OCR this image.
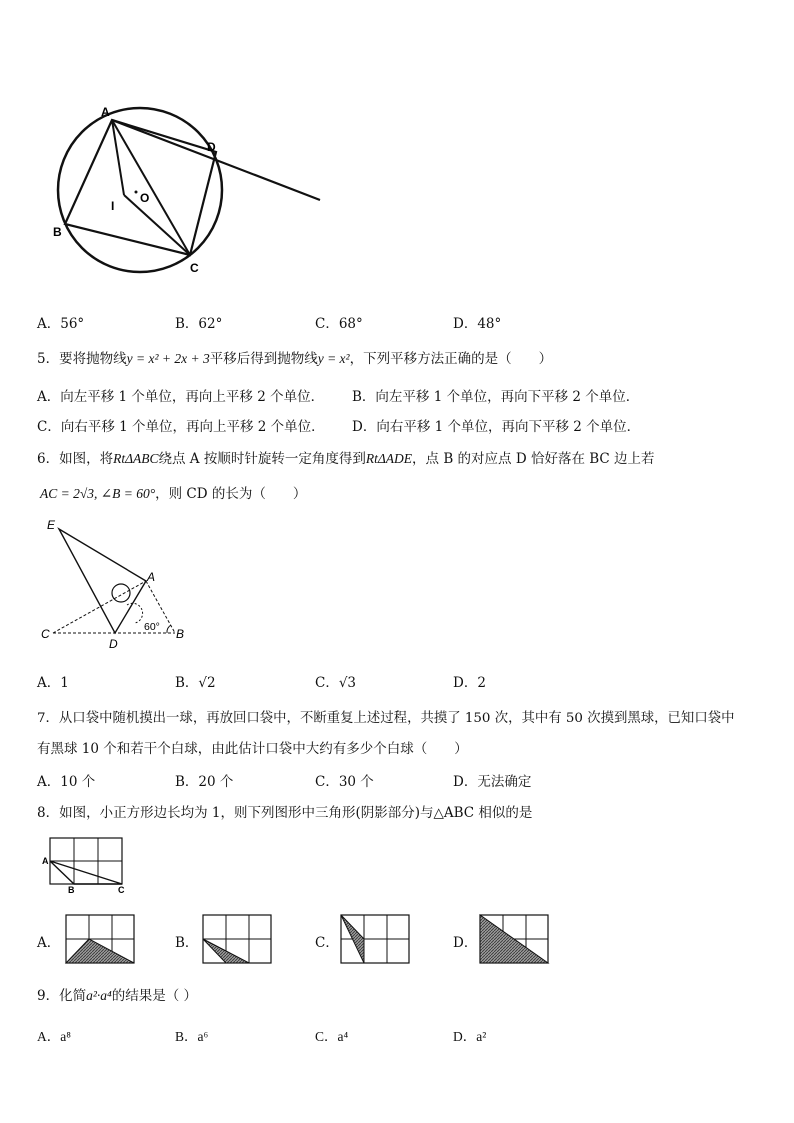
A
B
C
D
I
O
A．56°	B．62°	C．68°	D．48°
5．要将抛物线y = x² + 2x + 3平移后得到抛物线y = x²，下列平移方法正确的是（　　）
A．向左平移 1 个单位，再向上平移 2 个单位． B．向左平移 1 个单位，再向下平移 2 个单位．
C．向右平移 1 个单位，再向上平移 2 个单位． D．向右平移 1 个单位，再向下平移 2 个单位．
6．如图，将RtΔABC绕点 A 按顺时针旋转一定角度得到RtΔADE，点 B 的对应点 D 恰好落在 BC 边上若
AC = 2√3, ∠B = 60°，则 CD 的长为（　　）
E
A
C
D
B
60°
A．1	B．√2	C．√3	D．2
7．从口袋中随机摸出一球，再放回口袋中，不断重复上述过程，共摸了 150 次，其中有 50 次摸到黑球，已知口袋中
有黑球 10 个和若干个白球，由此估计口袋中大约有多少个白球（　　）
A．10 个	B．20 个	C．30 个	D．无法确定
8．如图，小正方形边长均为 1，则下列图形中三角形(阴影部分)与△ABC 相似的是
A
B	C
A．	B．	C．	D．
9．化简a²·a⁴的结果是（ ）
A．a⁸	B．a⁶	C．a⁴	D．a²
